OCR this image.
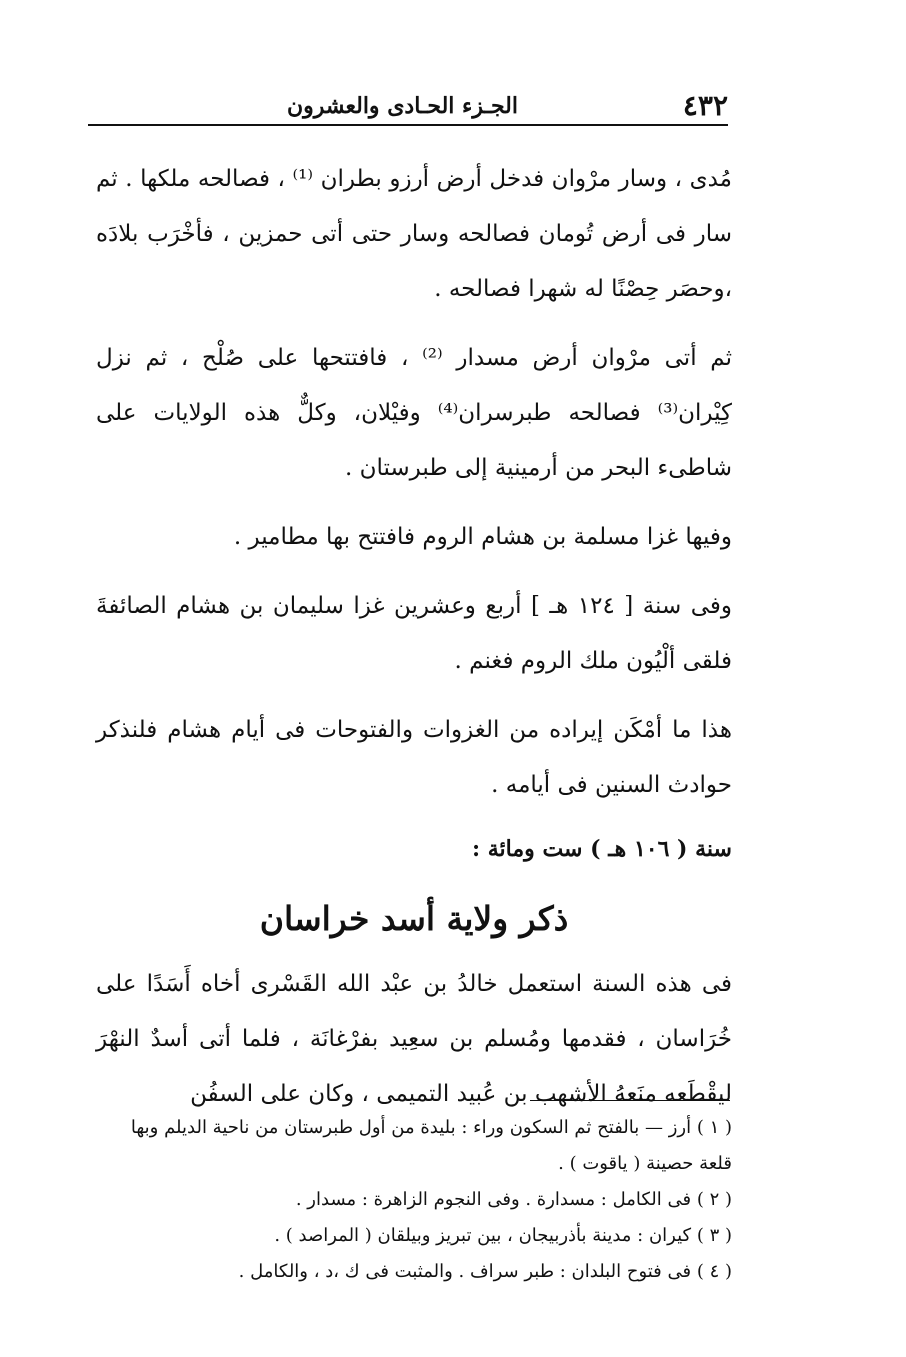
٤٣٢
الجـزء الحـادى والعشرون

مُدى ، وسار مرْوان فدخل أرض أرزو بطران ⁽¹⁾ ، فصالحه ملكها . ثم سار فى أرض تُومان فصالحه وسار حتى أتى حمزين ، فأخْرَب بلادَه ،وحصَر حِصْنًا له شهرا فصالحه .

ثم أتى مرْوان أرض مسدار ⁽²⁾ ، فافتتحها على صُلْح ، ثم نزل كِيْران⁽³⁾ فصالحه طبرسران⁽⁴⁾ وفيْلان، وكلٌّ هذه الولايات على شاطىء البحر من أرمينية إلى طبرستان .

وفيها غزا مسلمة بن هشام الروم فافتتح بها مطامير .

وفى سنة [ ١٢٤ هـ ] أربع وعشرين غزا سليمان بن هشام الصائفةَ فلقى ألْيُون ملك الروم فغنم .

هذا ما أمْكَن إيراده من الغزوات والفتوحات فى أيام هشام فلنذكر حوادث السنين فى أيامه .

سنة ( ١٠٦ هـ ) ست ومائة :

ذكر ولاية أسد خراسان

فى هذه السنة استعمل خالدُ بن عبْد الله القَسْرى أخاه أَسَدًا على خُرَاسان ، فقدمها ومُسلم بن سعِيد بفرْغانَة ، فلما أتى أسدٌ النهْرَ ليقْطَعه منَعهُ الأشهب بن عُبيد التميمى ، وكان على السفُن

( ١ ) أرز — بالفتح ثم السكون وراء : بليدة من أول طبرستان من ناحية الديلم وبها قلعة حصينة ( ياقوت ) .

( ٢ ) فى الكامل : مسدارة . وفى النجوم الزاهرة : مسدار .

( ٣ ) كيران : مدينة بأذربيجان ، بين تبريز وبيلقان ( المراصد ) .

( ٤ ) فى فتوح البلدان : طبر سراف . والمثبت فى ك ،د ، والكامل .
